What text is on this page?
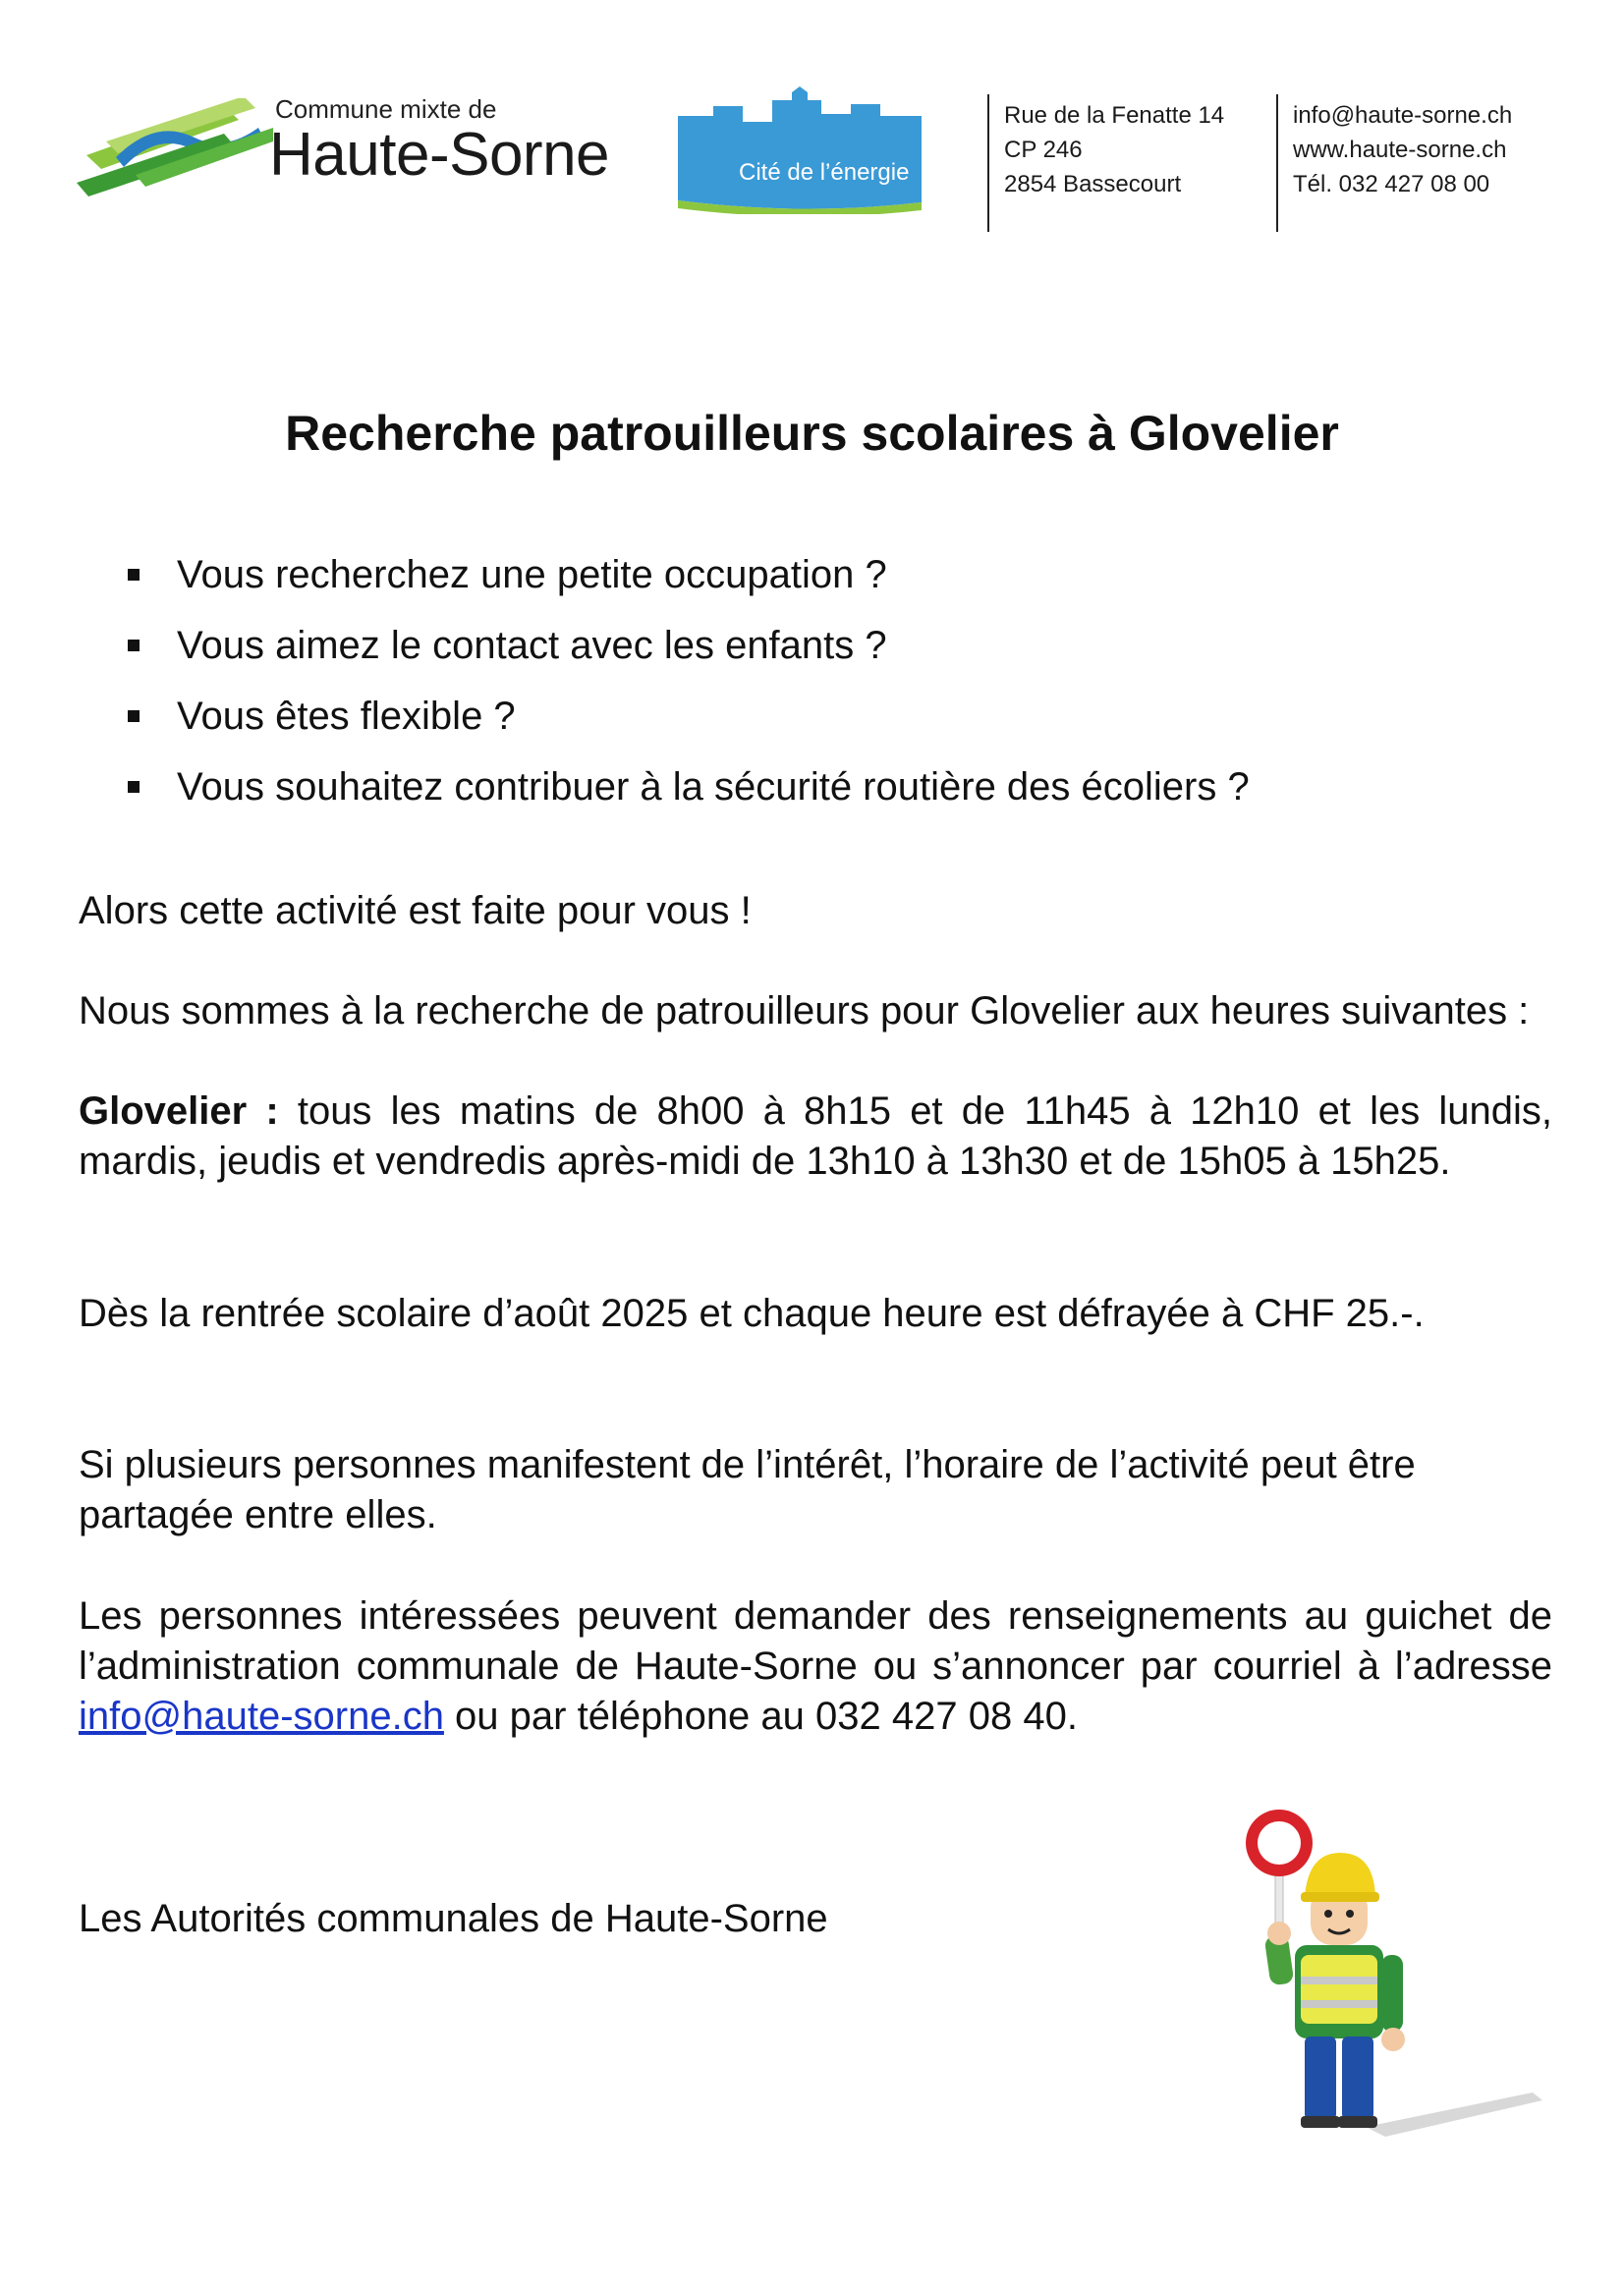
Commune mixte de
Haute-Sorne	Cité de l’énergie
Rue de la Fenatte 14
CP 246
2854 Bassecourt
info@haute-sorne.ch
www.haute-sorne.ch
Tél. 032 427 08 00
Recherche patrouilleurs scolaires à Glovelier
Vous recherchez une petite occupation ?
Vous aimez le contact avec les enfants ?
Vous êtes flexible ?
Vous souhaitez contribuer à la sécurité routière des écoliers ?
Alors cette activité est faite pour vous !
Nous sommes à la recherche de patrouilleurs pour Glovelier aux heures suivantes :
Glovelier : tous les matins de 8h00 à 8h15 et de 11h45 à 12h10 et les lundis, mardis, jeudis et vendredis après-midi de 13h10 à 13h30 et de 15h05 à 15h25.
Dès la rentrée scolaire d’août 2025 et chaque heure est défrayée à CHF 25.-.
Si plusieurs personnes manifestent de l’intérêt, l’horaire de l’activité peut être partagée entre elles.
Les personnes intéressées peuvent demander des renseignements au guichet de l’administration communale de Haute-Sorne ou s’annoncer par courriel à l’adresse info@haute-sorne.ch ou par téléphone au 032 427 08 40.
Les Autorités communales de Haute-Sorne
